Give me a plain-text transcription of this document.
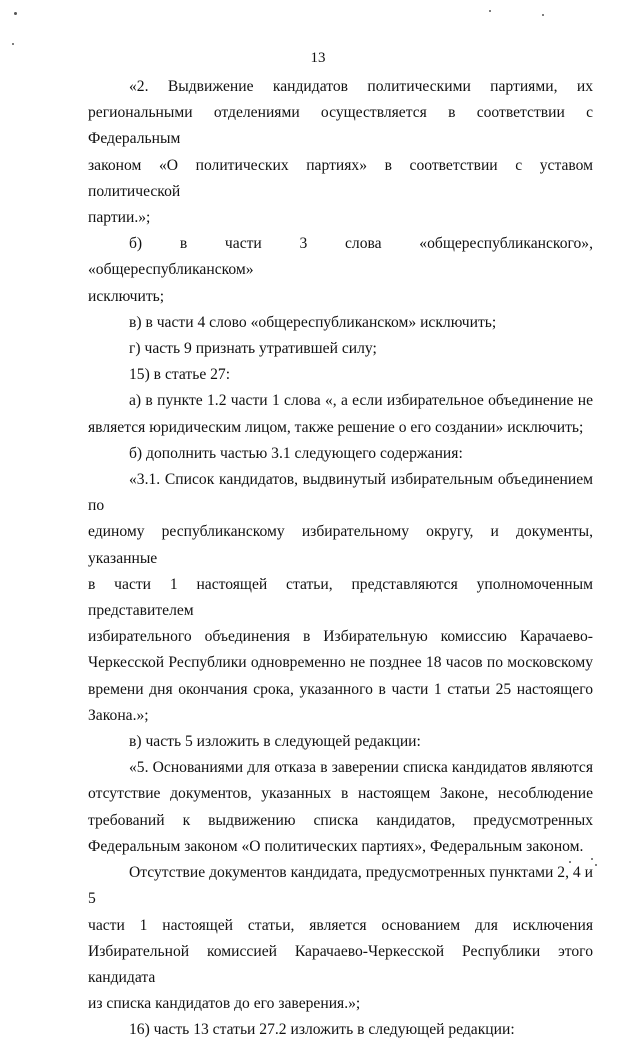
13

«2. Выдвижение кандидатов политическими партиями, их

региональными отделениями осуществляется в соответствии с Федеральным

законом «О политических партиях» в соответствии с уставом политической

партии.»;

б) в части 3 слова «общереспубликанского», «общереспубликанском»

исключить;

в) в части 4 слово «общереспубликанском» исключить;

г) часть 9 признать утратившей силу;

15) в статье 27:

а) в пункте 1.2 части 1 слова «, а если избирательное объединение не

является юридическим лицом, также решение о его создании» исключить;

б) дополнить частью 3.1 следующего содержания:

«3.1. Список кандидатов, выдвинутый избирательным объединением по

единому республиканскому избирательному округу, и документы, указанные

в части 1 настоящей статьи, представляются уполномоченным представителем

избирательного объединения в Избирательную комиссию Карачаево-

Черкесской Республики одновременно не позднее 18 часов по московскому

времени дня окончания срока, указанного в части 1 статьи 25 настоящего

Закона.»;

в) часть 5 изложить в следующей редакции:

«5. Основаниями для отказа в заверении списка кандидатов являются

отсутствие документов, указанных в настоящем Законе, несоблюдение

требований к выдвижению списка кандидатов, предусмотренных

Федеральным законом «О политических партиях», Федеральным законом.

Отсутствие документов кандидата, предусмотренных пунктами 2, 4 и 5

части 1 настоящей статьи, является основанием для исключения

Избирательной комиссией Карачаево-Черкесской Республики этого кандидата

из списка кандидатов до его заверения.»;

16) часть 13 статьи 27.2 изложить в следующей редакции:
